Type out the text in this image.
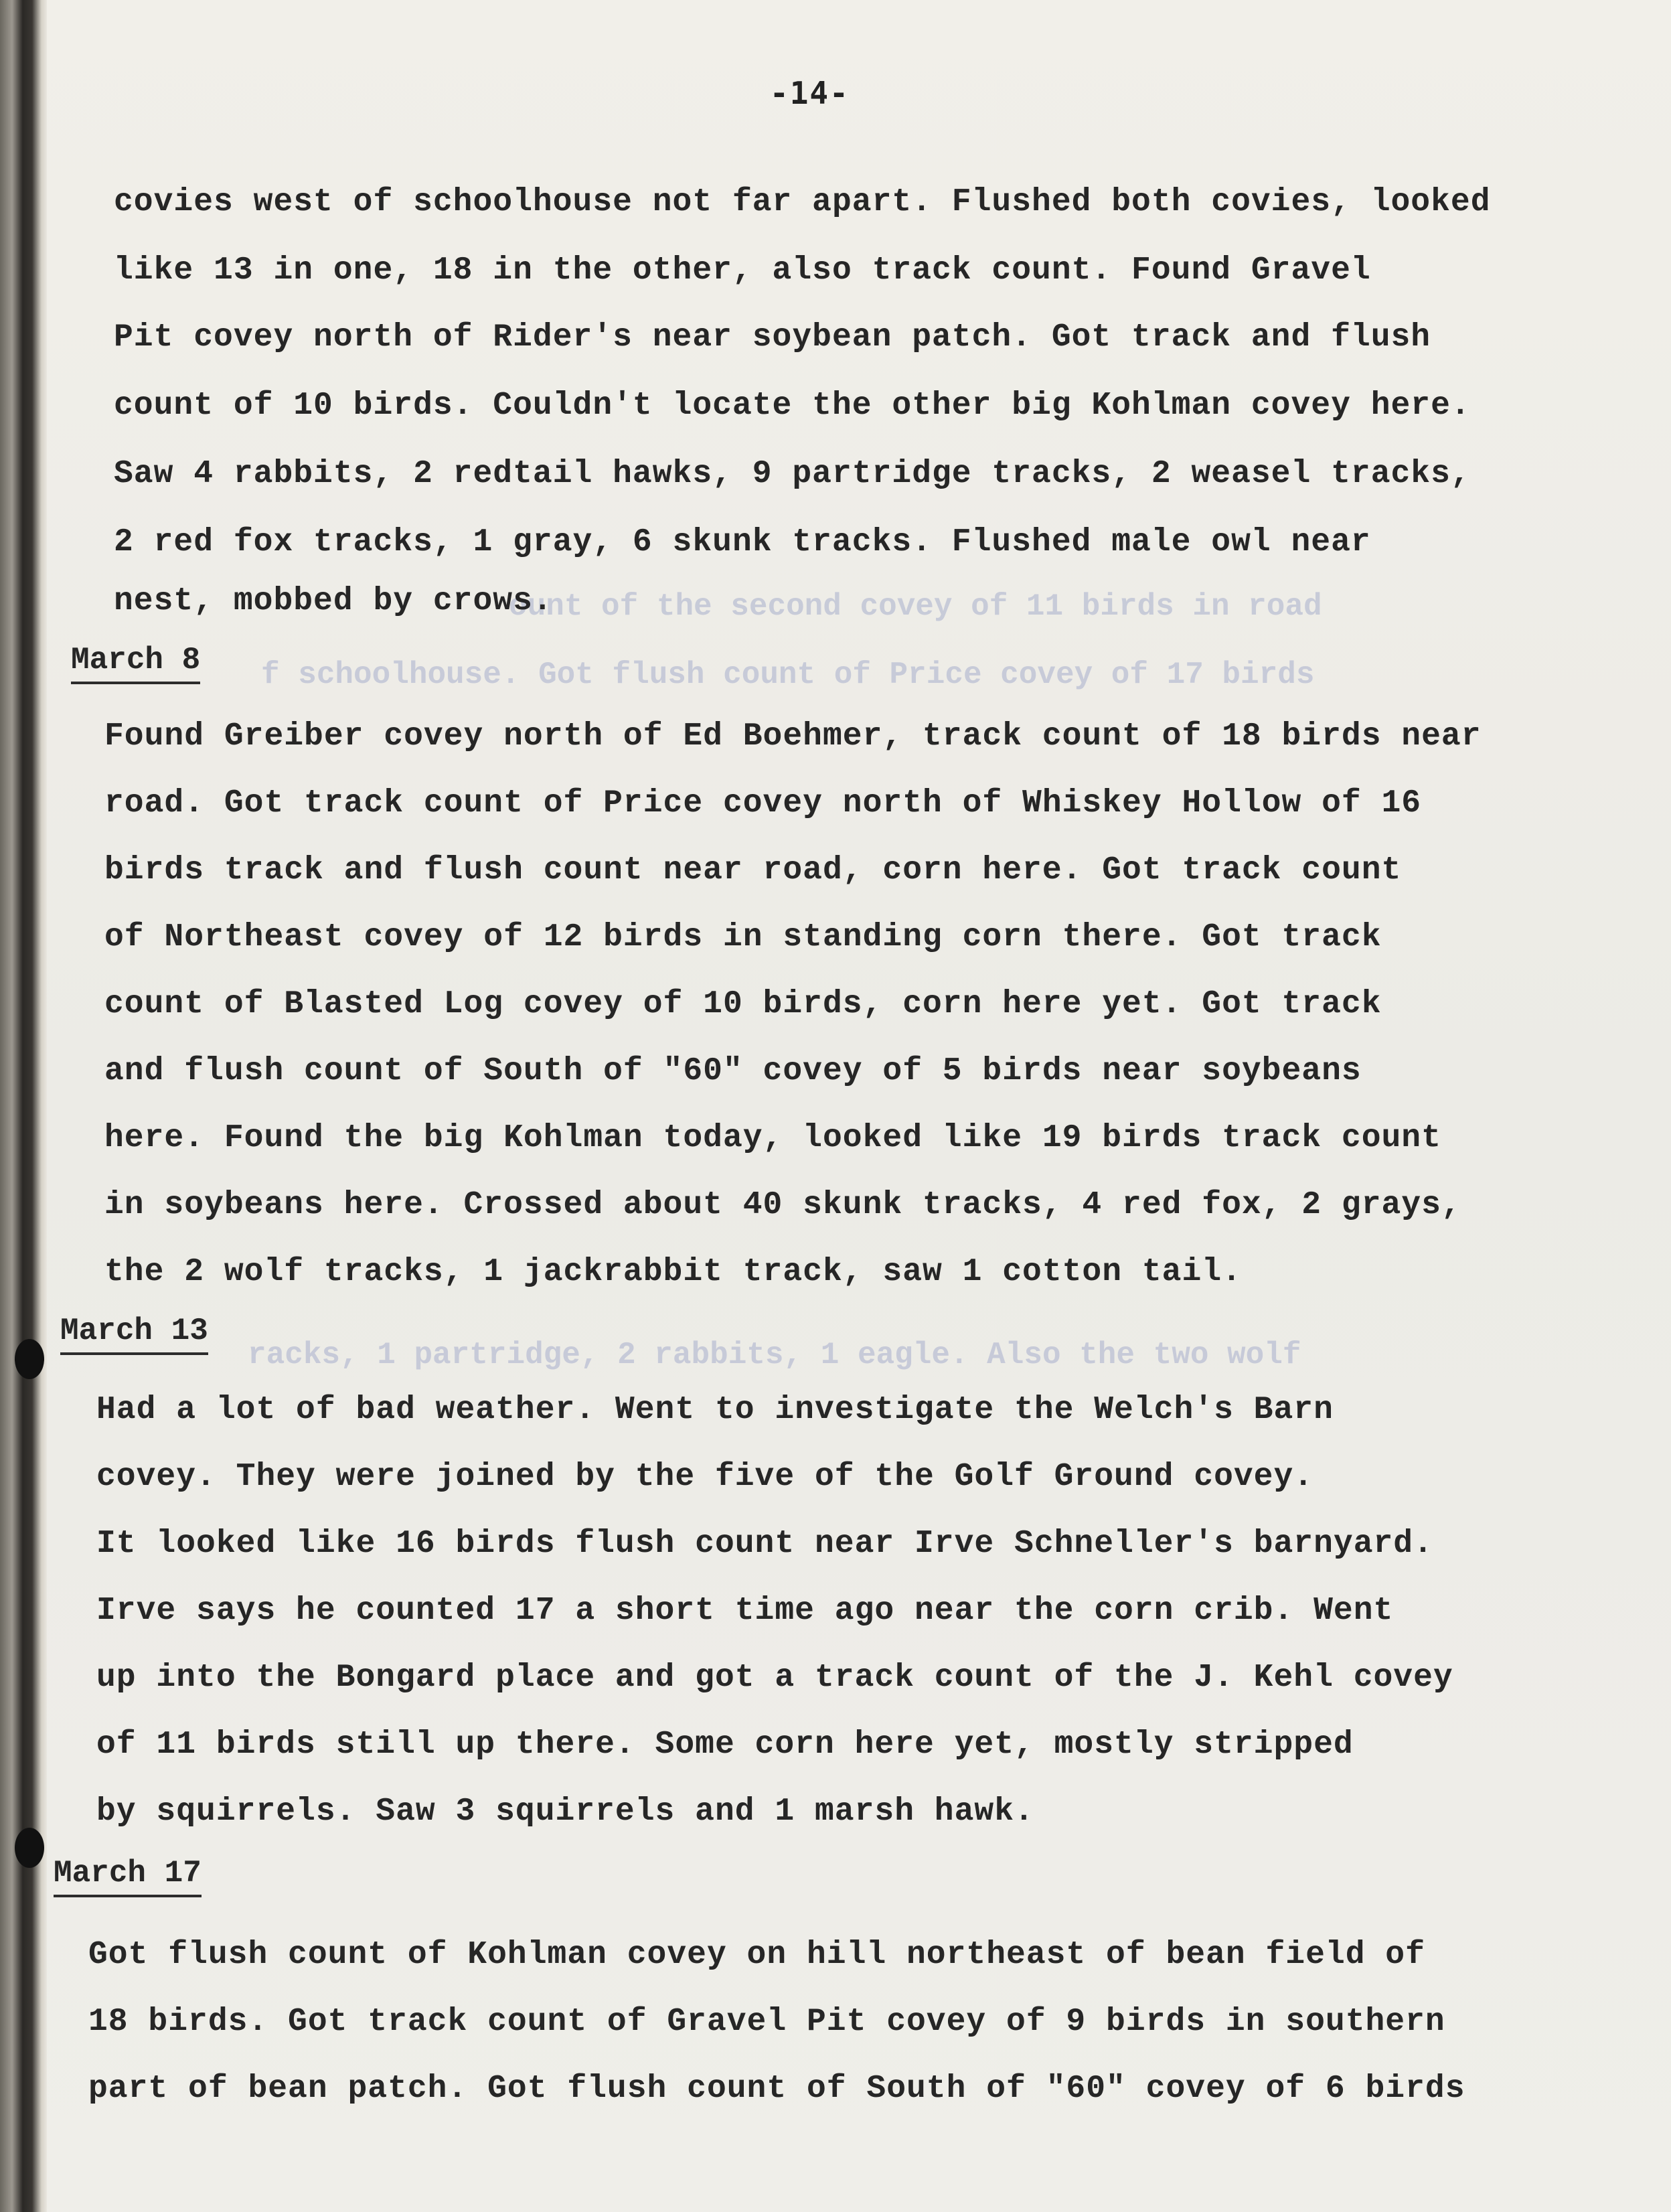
ount of the second covey of 11 birds in road
f schoolhouse. Got flush count of Price covey of 17 birds
racks, 1 partridge, 2 rabbits, 1 eagle. Also the two wolf
-14-

covies west of schoolhouse not far apart. Flushed both covies, looked

like 13 in one, 18 in the other, also track count. Found Gravel

Pit covey north of Rider's near soybean patch. Got track and flush

count of 10 birds. Couldn't locate the other big Kohlman covey here.

Saw 4 rabbits, 2 redtail hawks, 9 partridge tracks, 2 weasel tracks,

2 red fox tracks, 1 gray, 6 skunk tracks. Flushed male owl near

nest, mobbed by crows.

March 8

Found Greiber covey north of Ed Boehmer, track count of 18 birds near

road. Got track count of Price covey north of Whiskey Hollow of 16

birds track and flush count near road, corn here. Got track count

of Northeast covey of 12 birds in standing corn there. Got track

count of Blasted Log covey of 10 birds, corn here yet. Got track

and flush count of South of "60" covey of 5 birds near soybeans

here. Found the big Kohlman today, looked like 19 birds track count

in soybeans here. Crossed about 40 skunk tracks, 4 red fox, 2 grays,

the 2 wolf tracks, 1 jackrabbit track, saw 1 cotton tail.

March 13

Had a lot of bad weather. Went to investigate the Welch's Barn

covey. They were joined by the five of the Golf Ground covey.

It looked like 16 birds flush count near Irve Schneller's barnyard.

Irve says he counted 17 a short time ago near the corn crib. Went

up into the Bongard place and got a track count of the J. Kehl covey

of 11 birds still up there. Some corn here yet, mostly stripped

by squirrels. Saw 3 squirrels and 1 marsh hawk.

March 17

Got flush count of Kohlman covey on hill northeast of bean field of

18 birds. Got track count of Gravel Pit covey of 9 birds in southern

part of bean patch. Got flush count of South of "60" covey of 6 birds
